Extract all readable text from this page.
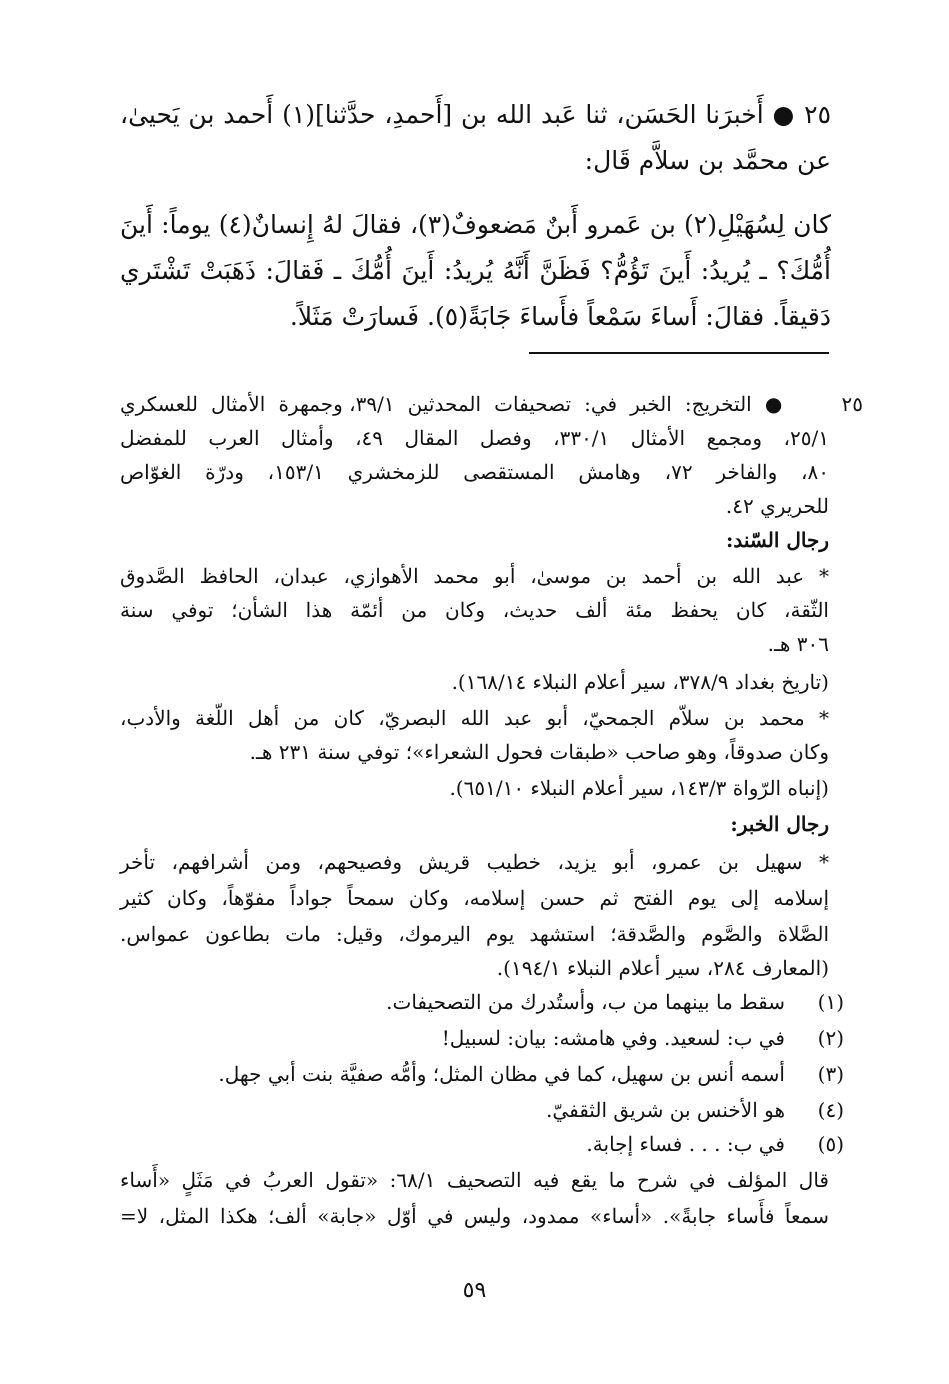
٢٥ ● أَخبرَنا الحَسَن، ثنا عَبد الله بن [أَحمدِ، حدَّثنا](١) أَحمد بن يَحيىٰ،
عن محمَّد بن سلاَّم قَال:
كان لِسُهَيْلِ(٢) بن عَمرو أَبنٌ مَضعوفٌ(٣)، فقالَ لهُ إِنسانٌ(٤) يوماً: أَينَ
أُمُّكَ؟ ـ يُريدُ: أَينَ تَؤُمُّ؟ فَظَنَّ أَنَّهُ يُريدُ: أَينَ أُمُّكَ ـ فَقالَ: ذَهَبَتْ تَشْتَري
دَقيقاً. فقالَ: أَساءَ سَمْعاً فأَساءَ جَابَةً(٥). فَسارَتْ مَثَلاً.
٢٥
● التخريج: الخبر في: تصحيفات المحدثين ٣٩/١، وجمهرة الأمثال للعسكري
٢٥/١، ومجمع الأمثال ٣٣٠/١، وفصل المقال ٤٩، وأمثال العرب للمفضل
٨٠، والفاخر ٧٢، وهامش المستقصى للزمخشري ١٥٣/١، ودرّة الغوّاص
للحريري ٤٢.
رجال السّند:
* عبد الله بن أحمد بن موسىٰ، أبو محمد الأهوازي، عبدان، الحافظ الصَّدوق
الثّقة، كان يحفظ مئة ألف حديث، وكان من أئمّة هذا الشأن؛ توفي سنة
٣٠٦ هـ.
(تاريخ بغداد ٣٧٨/٩، سير أعلام النبلاء ١٦٨/١٤).
* محمد بن سلاّم الجمحيّ، أبو عبد الله البصريّ، كان من أهل اللّغة والأدب،
وكان صدوقاً، وهو صاحب «طبقات فحول الشعراء»؛ توفي سنة ٢٣١ هـ.
(إنباه الرّواة ١٤٣/٣، سير أعلام النبلاء ٦٥١/١٠).
رجال الخبر:
* سهيل بن عمرو، أبو يزيد، خطيب قريش وفصيحهم، ومن أشرافهم، تأخر
إسلامه إلى يوم الفتح ثم حسن إسلامه، وكان سمحاً جواداً مفوّهاً، وكان كثير
الصَّلاة والصَّوم والصَّدقة؛ استشهد يوم اليرموك، وقيل: مات بطاعون عمواس.
(المعارف ٢٨٤، سير أعلام النبلاء ١٩٤/١).
(١)
سقط ما بينهما من ب، وأستُدرك من التصحيفات.
(٢)
في ب: لسعيد. وفي هامشه: بيان: لسبيل!
(٣)
أسمه أنس بن سهيل، كما في مظان المثل؛ وأمُّه صفيَّة بنت أبي جهل.
(٤)
هو الأخنس بن شريق الثقفيّ.
(٥)
في ب: . . . فساء إجابة.
قال المؤلف في شرح ما يقع فيه التصحيف ٦٨/١: «تقول العربُ في مَثَلٍ «أَساء
سمعاً فأَساء جابةً». «أساء» ممدود، وليس في أوّل «جابة» ألف؛ هكذا المثل، لا=
٥٩
